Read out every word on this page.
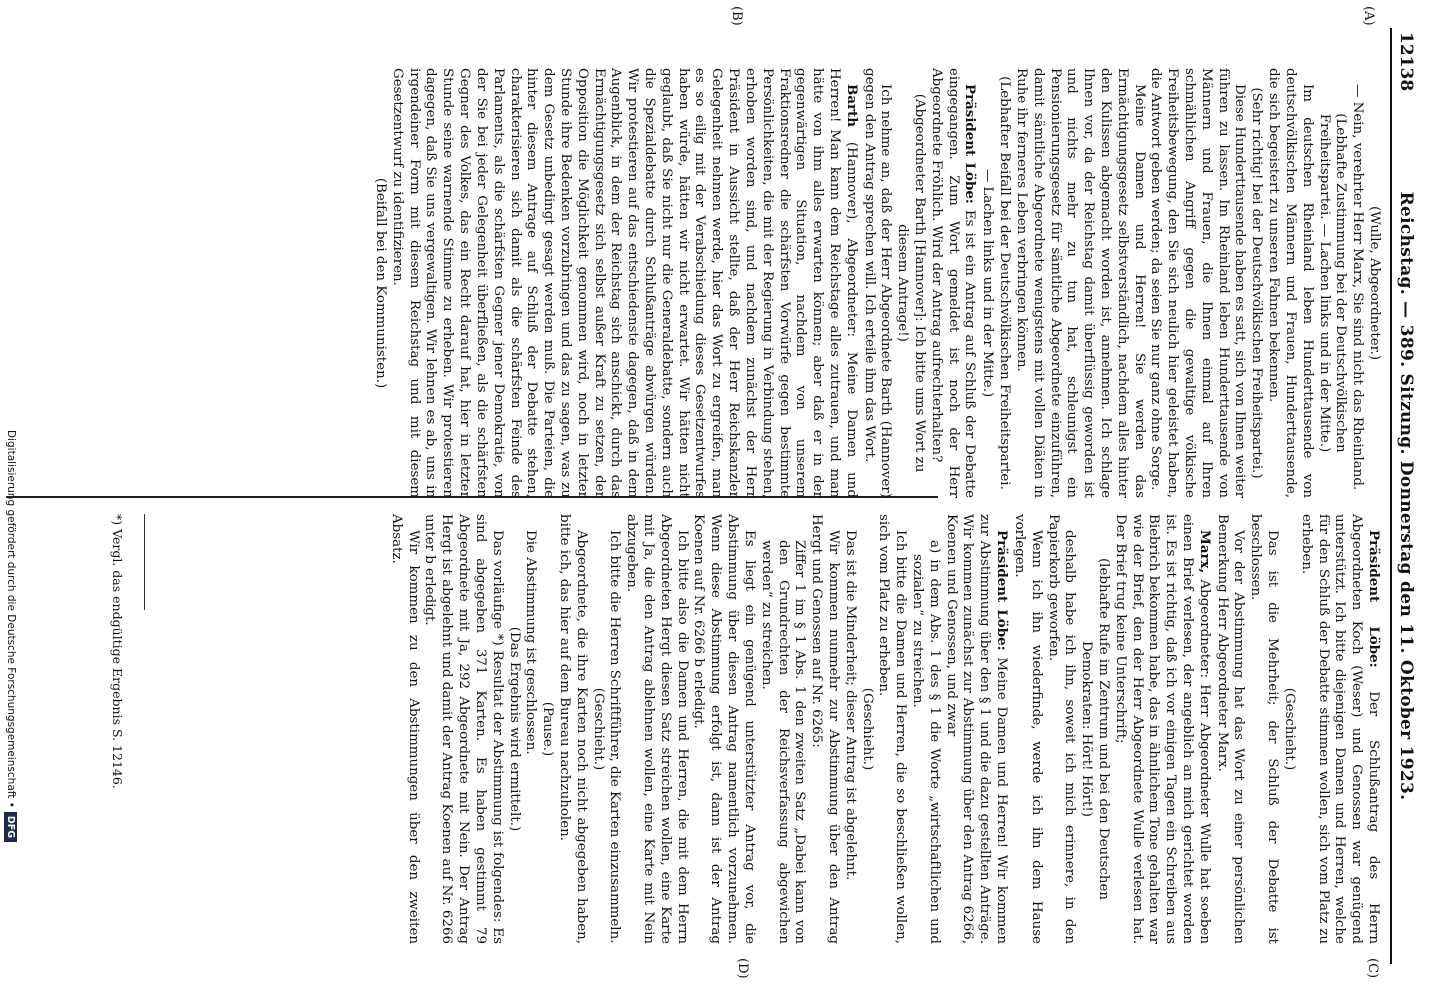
12138
Reichstag. — 389. Sitzung. Donnerstag den 11. Oktober 1923.
(A)
(B)
(C)
(D)

(Wulle, Abgeordneter.)

— Nein, verehrter Herr Marx, Sie sind nicht das Rheinland.

(Lebhafte Zustimmung bei der Deutschvölkischen Freiheitspartei. — Lachen links und in der Mitte.)

Im deutschen Rheinland leben Hunderttausende von deutschvölkischen Männern und Frauen, Hunderttausende, die sich begeistert zu unseren Fahnen bekennen.

(Sehr richtig! bei der Deutschvölkischen Freiheitspartei.)

Diese Hunderttausende haben es satt, sich von Ihnen weiter führen zu lassen. Im Rheinland leben Hunderttausende von Männern und Frauen, die Ihnen einmal auf Ihren schmählichen Angriff gegen die gewaltige völkische Freiheitsbewegung, den Sie sich neulich hier geleistet haben, die Antwort geben werden; da seien Sie nur ganz ohne Sorge.

Meine Damen und Herren! Sie werden das Ermächtigungsgesetz selbstverständlich, nachdem alles hinter den Kulissen abgemacht worden ist, annehmen. Ich schlage Ihnen vor, da der Reichstag damit überflüssig geworden ist und nichts mehr zu tun hat, schleunigst ein Pensionierungsgesetz für sämtliche Abgeordnete einzuführen, damit sämtliche Abgeordnete wenigstens mit vollen Diäten in Ruhe ihr ferneres Leben verbringen können.

(Lebhafter Beifall bei der Deutschvölkischen Freiheitspartei. — Lachen links und in der Mitte.)

Präsident Löbe: Es ist ein Antrag auf Schluß der Debatte eingegangen. Zum Wort gemeldet ist noch der Herr Abgeordnete Fröhlich. Wird der Antrag aufrechterhalten?

(Abgeordneter Barth [Hannover]: Ich bitte ums Wort zu diesem Antrage!)

Ich nehme an, daß der Herr Abgeordnete Barth (Hannover) gegen den Antrag sprechen will. Ich erteile ihm das Wort.

Barth (Hannover), Abgeordneter: Meine Damen und Herren! Man kann dem Reichstage alles zutrauen, und man hätte von ihm alles erwarten können; aber daß er in der gegenwärtigen Situation, nachdem von unserem Fraktionsredner die schärfsten Vorwürfe gegen bestimmte Persönlichkeiten, die mit der Regierung in Verbindung stehen, erhoben worden sind, und nachdem zunächst der Herr Präsident in Aussicht stellte, daß der Herr Reichskanzler Gelegenheit nehmen werde, hier das Wort zu ergreifen, man es so eilig mit der Verabschiedung dieses Gesetzentwurfes haben würde, hätten wir nicht erwartet. Wir hätten nicht geglaubt, daß Sie nicht nur die Generaldebatte, sondern auch die Spezialdebatte durch Schlußanträge abwürgen würden. Wir protestieren auf das entschiedenste dagegen, daß in dem Augenblick, in dem der Reichstag sich anschickt, durch das Ermächtigungsgesetz sich selbst außer Kraft zu setzen, der Opposition die Möglichkeit genommen wird, noch in letzter Stunde ihre Bedenken vorzubringen und das zu sagen, was zu dem Gesetz unbedingt gesagt werden muß. Die Parteien, die hinter diesem Antrage auf Schluß der Debatte stehen, charakterisieren sich damit als die schärfsten Feinde des Parlaments, als die schärfsten Gegner jener Demokratie, von der Sie bei jeder Gelegenheit überfließen, als die schärfsten Gegner des Volkes, das ein Recht darauf hat, hier in letzter Stunde seine warnende Stimme zu erheben. Wir protestieren dagegen, daß Sie uns vergewaltigen. Wir lehnen es ab, uns in irgendeiner Form mit diesem Reichstag und mit diesem Gesetzentwurf zu identifizieren.

(Beifall bei den Kommunisten.)

Präsident Löbe: Der Schlußantrag des Herrn Abgeordneten Koch (Weser) und Genossen war genügend unterstützt. Ich bitte diejenigen Damen und Herren, welche für den Schluß der Debatte stimmen wollen, sich vom Platz zu erheben.

(Geschieht.)

Das ist die Mehrheit; der Schluß der Debatte ist beschlossen.

Vor der Abstimmung hat das Wort zu einer persönlichen Bemerkung Herr Abgeordneter Marx.

Marx, Abgeordneter: Herr Abgeordneter Wulle hat soeben einen Brief verlesen, der angeblich an mich gerichtet worden ist. Es ist richtig, daß ich vor einigen Tagen ein Schreiben aus Biebrich bekommen habe, das in ähnlichem Tone gehalten war wie der Brief, den der Herr Abgeordnete Wulle verlesen hat. Der Brief trug keine Unterschrift;

(lebhafte Rufe im Zentrum und bei den Deutschen Demokraten: Hört! Hört!)

deshalb habe ich ihn, soweit ich mich erinnere, in den Papierkorb geworfen.

Wenn ich ihn wiederfinde, werde ich ihn dem Hause vorlegen.

Präsident Löbe: Meine Damen und Herren! Wir kommen zur Abstimmung über den § 1 und die dazu gestellten Anträge. Wir kommen zunächst zur Abstimmung über den Antrag 6266, Koenen und Genossen, und zwar

a) in dem Abs. 1 des § 1 die Worte „wirtschaftlichen und sozialen“ zu streichen.

Ich bitte die Damen und Herren, die so beschließen wollen, sich vom Platz zu erheben.

(Geschieht.)

Das ist die Minderheit; dieser Antrag ist abgelehnt.

Wir kommen nunmehr zur Abstimmung über den Antrag Hergt und Genossen auf Nr. 6265:

Ziffer 1 im § 1 Abs. 1 den zweiten Satz „Dabei kann von den Grundrechten der Reichsverfassung abgewichen werden“ zu streichen.

Es liegt ein genügend unterstützter Antrag vor, die Abstimmung über diesen Antrag namentlich vorzunehmen. Wenn diese Abstimmung erfolgt ist, dann ist der Antrag Koenen auf Nr. 6266 b erledigt.

Ich bitte also die Damen und Herren, die mit dem Herrn Abgeordneten Hergt diesen Satz streichen wollen, eine Karte mit Ja, die den Antrag ablehnen wollen, eine Karte mit Nein abzugeben.

Ich bitte die Herren Schriftführer, die Karten einzusammeln.

(Geschieht.)

Abgeordnete, die ihre Karten noch nicht abgegeben haben, bitte ich, das hier auf dem Bureau nachzuholen.

(Pause.)

Die Abstimmung ist geschlossen.

(Das Ergebnis wird ermittelt.)

Das vorläufige *) Resultat der Abstimmung ist folgendes: Es sind abgegeben 371 Karten. Es haben gestimmt 79 Abgeordnete mit Ja, 292 Abgeordnete mit Nein. Der Antrag Hergt ist abgelehnt und damit der Antrag Koenen auf Nr. 6266 unter b erledigt.

Wir kommen zu den Abstimmungen über den zweiten Absatz.

*) Vergl. das endgültige Ergebnis S. 12146.

Digitalisierung gefördert durch die Deutsche Forschungsgemeinschaft •DFG
